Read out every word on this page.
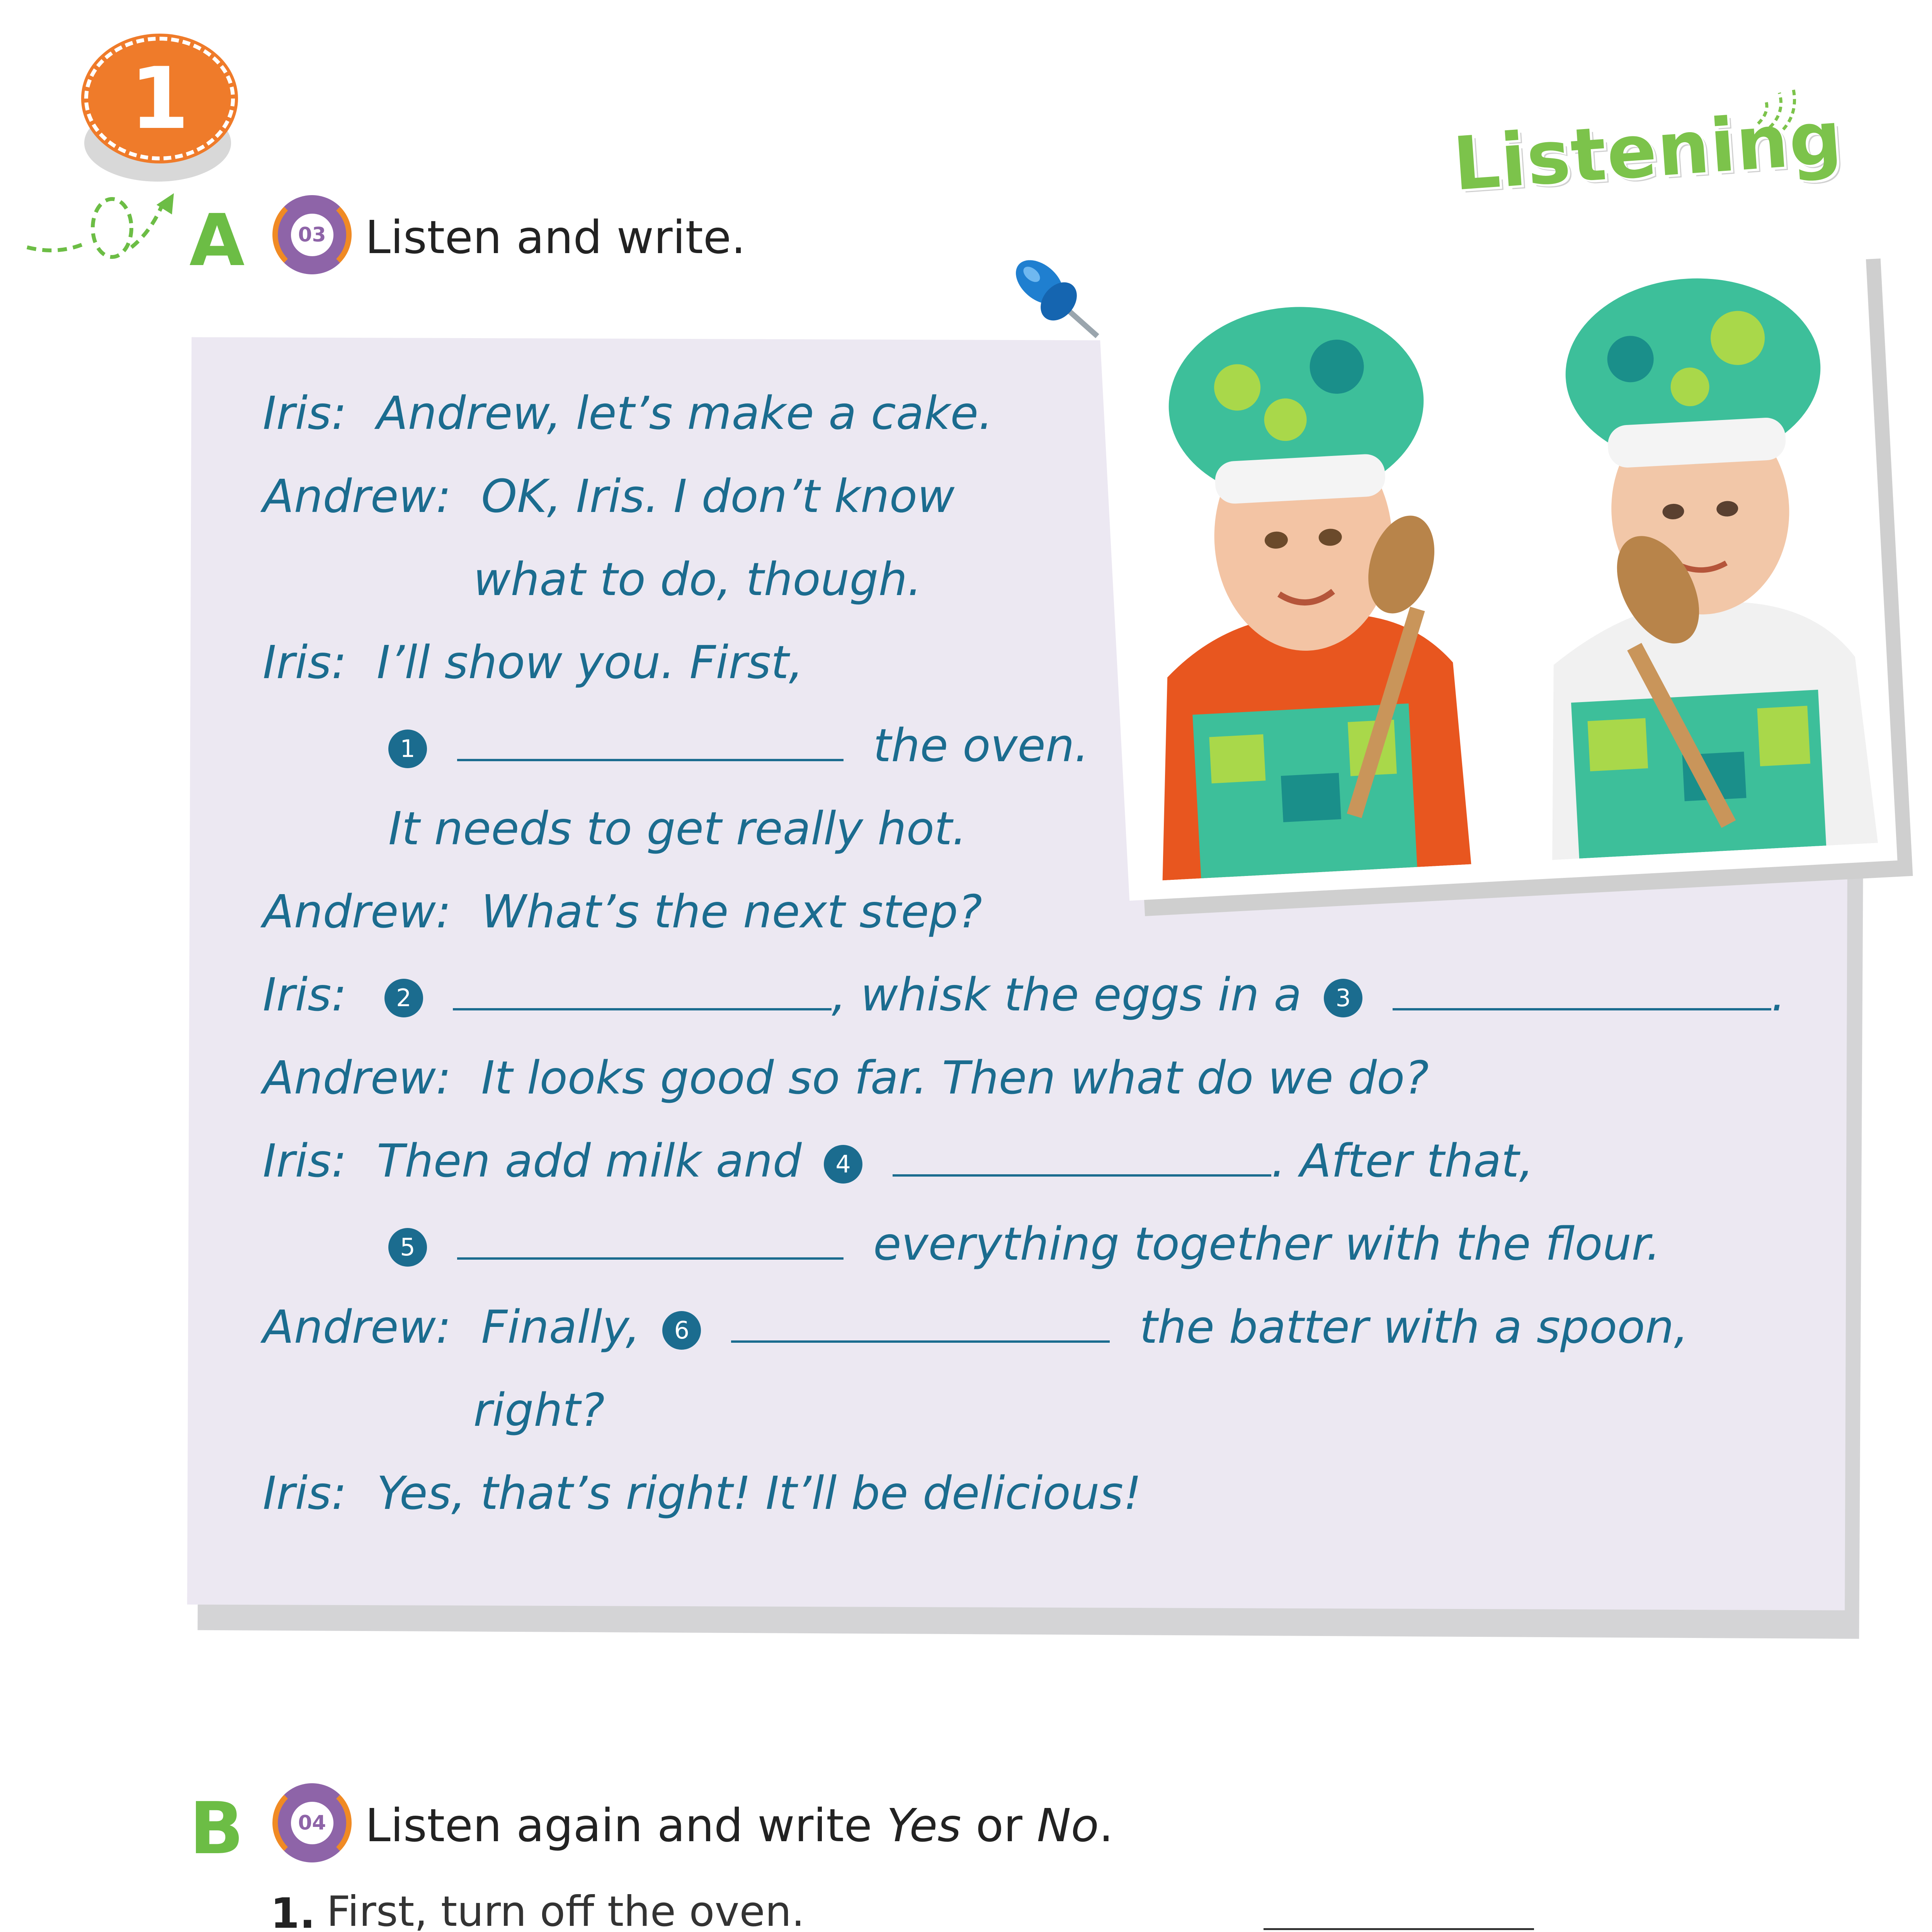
1	Listening
A	03 Listen and write.
Iris: Andrew, let’s make a cake.
Andrew: OK, Iris. I don’t know
what to do, though.
Iris: I’ll show you. First,
1	the oven.
It needs to get really hot.
Andrew: What’s the next step?
Iris: 2	, whisk the eggs in a 3	.
Andrew: It looks good so far. Then what do we do?
Iris: Then add milk and 4	. After that,
5	everything together with the flour.
Andrew: Finally, 6	the batter with a spoon,
right?
Iris: Yes, that’s right! It’ll be delicious!
B	04 Listen again and write Yes or No.
1. First, turn off the oven.
